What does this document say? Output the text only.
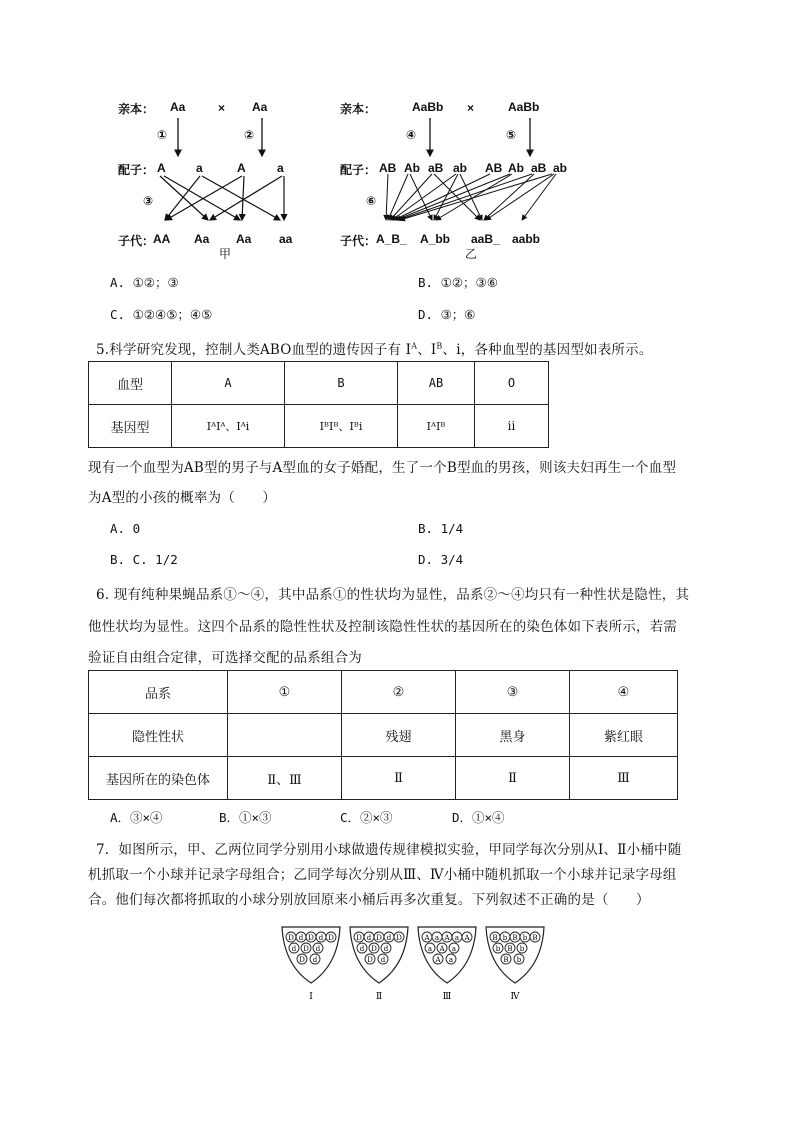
亲本： Aa	× Aa
①	②
配子： A	a	A	a
③
子代：
AA Aa Aa aa
甲
亲本：	AaBb ×	AaBb
④	⑤
配子： AB Ab aB ab AB Ab aB ab
⑥
子代： A_B_ A_bb aaB_ aabb
乙
A. ①②；③	B. ①②；③⑥
C. ①②④⑤；④⑤	D. ③；⑥
5.科学研究发现，控制人类ABO血型的遗传因子有 $I^A$、$I^B$、i，各种血型的基因型如表所示。
血型	A	B	AB	O
基因型	IᴬIᴬ、Iᴬi	IᴮIᴮ、Iᴮi	IᴬIᴮ	ii
现有一个血型为AB型的男子与A型血的女子婚配，生了一个B型血的男孩，则该夫妇再生一个血型
为A型的小孩的概率为（　　）
A. 0	B. 1/4
B. C. 1/2	D. 3/4
6. 现有纯种果蝇品系①～④，其中品系①的性状均为显性，品系②～④均只有一种性状是隐性，其
他性状均为显性。这四个品系的隐性性状及控制该隐性性状的基因所在的染色体如下表所示，若需
验证自由组合定律，可选择交配的品系组合为
品系	①	②	③	④
隐性性状		残翅	黑身	紫红眼
基因所在的染色体	Ⅱ、Ⅲ	Ⅱ	Ⅱ	Ⅲ
A．③×④	B．①×③	C．②×③	D．①×④
7．如图所示，甲、乙两位同学分别用小球做遗传规律模拟实验，甲同学每次分别从Ⅰ、Ⅱ小桶中随
机抓取一个小球并记录字母组合；乙同学每次分别从Ⅲ、Ⅳ小桶中随机抓取一个小球并记录字母组
合。他们每次都将抓取的小球分别放回原来小桶后再多次重复。下列叙述不正确的是（　　）
D d D d D
d D d
D d
Ⅰ
D d D d D
d D d
D d
Ⅱ
A a A a A
a A a
A a
Ⅲ
B b B b B
b B b
B b
Ⅳ
